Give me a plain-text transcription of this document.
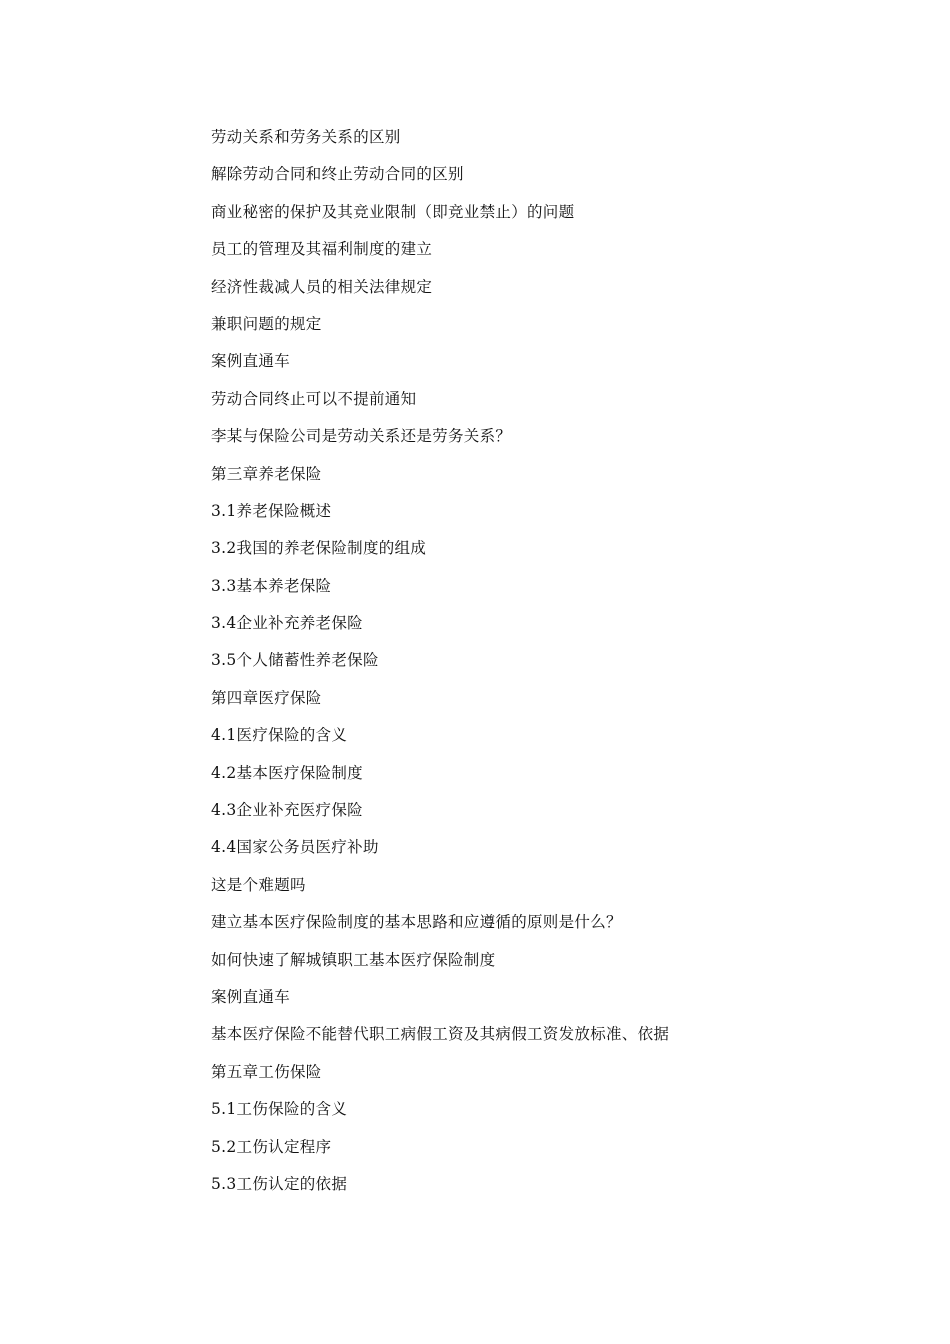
劳动关系和劳务关系的区别
解除劳动合同和终止劳动合同的区别
商业秘密的保护及其竞业限制（即竞业禁止）的问题
员工的管理及其福利制度的建立
经济性裁减人员的相关法律规定
兼职问题的规定
案例直通车
劳动合同终止可以不提前通知
李某与保险公司是劳动关系还是劳务关系？
第三章养老保险
3.1养老保险概述
3.2我国的养老保险制度的组成
3.3基本养老保险
3.4企业补充养老保险
3.5个人储蓄性养老保险
第四章医疗保险
4.1医疗保险的含义
4.2基本医疗保险制度
4.3企业补充医疗保险
4.4国家公务员医疗补助
这是个难题吗
建立基本医疗保险制度的基本思路和应遵循的原则是什么？
如何快速了解城镇职工基本医疗保险制度
案例直通车
基本医疗保险不能替代职工病假工资及其病假工资发放标准、依据
第五章工伤保险
5.1工伤保险的含义
5.2工伤认定程序
5.3工伤认定的依据
